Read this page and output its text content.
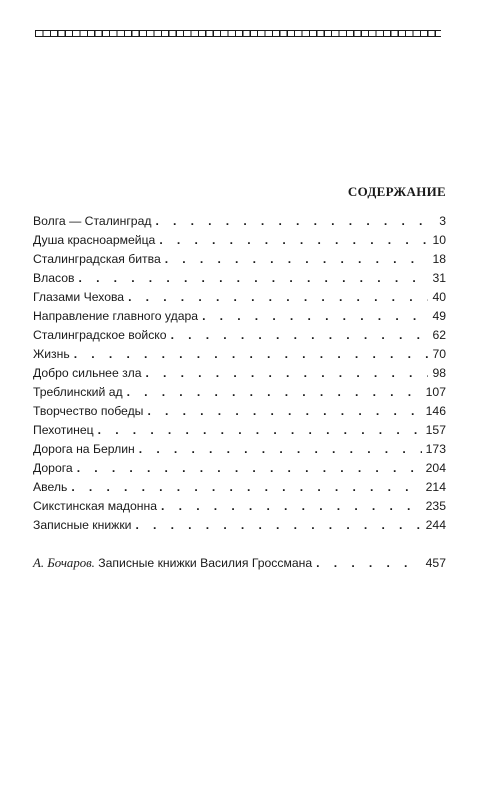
СОДЕРЖАНИЕ
Волга — Сталинград . . .	3
Душа красноармейца . . .	10
Сталинградская битва . . .	18
Власов . . .	31
Глазами Чехова . . .	40
Направление главного удара . . .	49
Сталинградское войско . . .	62
Жизнь . . .	70
Добро сильнее зла . . .	98
Треблинский ад . . .	107
Творчество победы . . .	146
Пехотинец . . .	157
Дорога на Берлин . . .	173
Дорога . . .	204
Авель . . .	214
Сикстинская мадонна . . .	235
Записные книжки . . .	244
А. Бочаров. Записные книжки Василия Гроссмана . . .	457
